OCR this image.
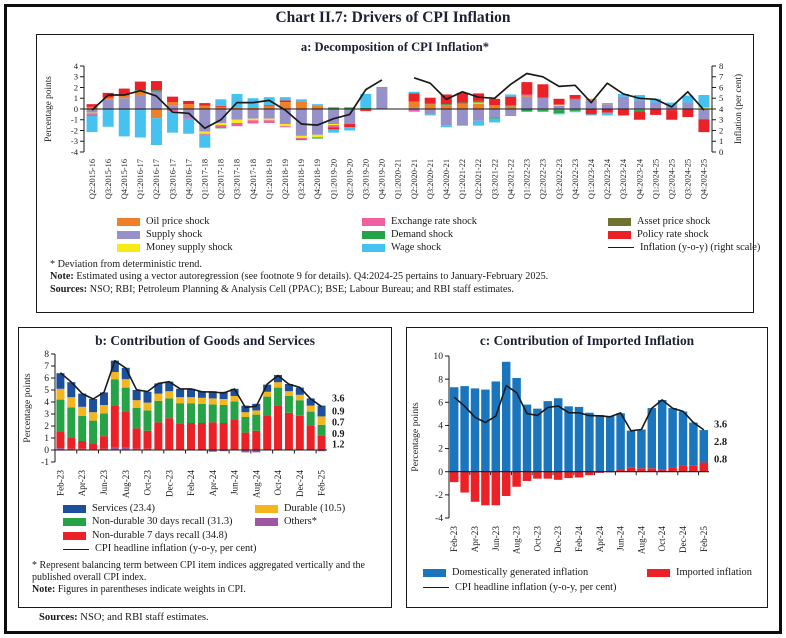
Chart II.7: Drivers of CPI Inflation
a: Decomposition of CPI Inflation*
-4
-3
-2
-1
0
1
2
3
4
Percentage points
0
1
2
3
4
5
6
7
8
Inflation (per cent)
Q2:2015-16 Q3:2015-16 Q4:2015-16 Q1:2016-17 Q2:2016-17 Q3:2016-17 Q4:2016-17 Q1:2017-18 Q2:2017-18 Q3:2017-18 Q4:2017-18 Q1:2018-19 Q2:2018-19 Q3:2018-19 Q4:2018-19 Q1:2019-20 Q2:2019-20 Q3:2019-20 Q4:2019-20 Q1:2020-21 Q2:2020-21 Q3:2020-21 Q4:2020-21 Q1:2021-22 Q2:2021-22 Q3:2021-22 Q4:2021-22 Q1:2022-23 Q2:2022-23 Q3:2022-23 Q4:2022-23 Q1:2023-24 Q2:2023-24 Q3:2023-24 Q4:2023-24 Q1:2024-25 Q2:2024-25 Q3:2024-25 Q4:2024-25
Oil price shock
Supply shock
Money supply shock
Exchange rate shock
Demand shock
Wage shock
Asset price shock
Policy rate shock
Inflation (y-o-y) (right scale)
* Deviation from deterministic trend.
Note: Estimated using a vector autoregression (see footnote 9 for details). Q4:2024-25 pertains to January-February 2025.
Sources: NSO; RBI; Petroleum Planning & Analysis Cell (PPAC); BSE; Labour Bureau; and RBI staff estimates.
b: Contribution of Goods and Services
-1
0
1
2
3
4
5
6
7
8
Percentage points
Feb-23 Apr-23 Jun-23 Aug-23 Oct-23 Dec-23 Feb-24 Apr-24 Jun-24 Aug-24 Oct-24 Dec-24 Feb-25
3.6
0.9
0.7
0.9
1.2
Services (23.4)
Non-durable 30 days recall (31.3)
Non-durable 7 days recall (34.8)
CPI headline inflation (y-o-y, per cent)
Durable (10.5)
Others*
* Represent balancing term between CPI item indices aggregated vertically and the published overall CPI index.
Note: Figures in parentheses indicate weights in CPI.
c: Contribution of Imported Inflation
-4
-2
0
2
4
6
8
10
Percentage points
Feb-23 Apr-23 Jun-23 Aug-23 Oct-23 Dec-23 Feb-24 Apr-24 Jun-24 Aug-24 Oct-24 Dec-24 Feb-25
3.6
2.8
0.8
Domestically generated inflation
CPI headline inflation (y-o-y, per cent)
Imported inflation
Sources: NSO; and RBI staff estimates.
